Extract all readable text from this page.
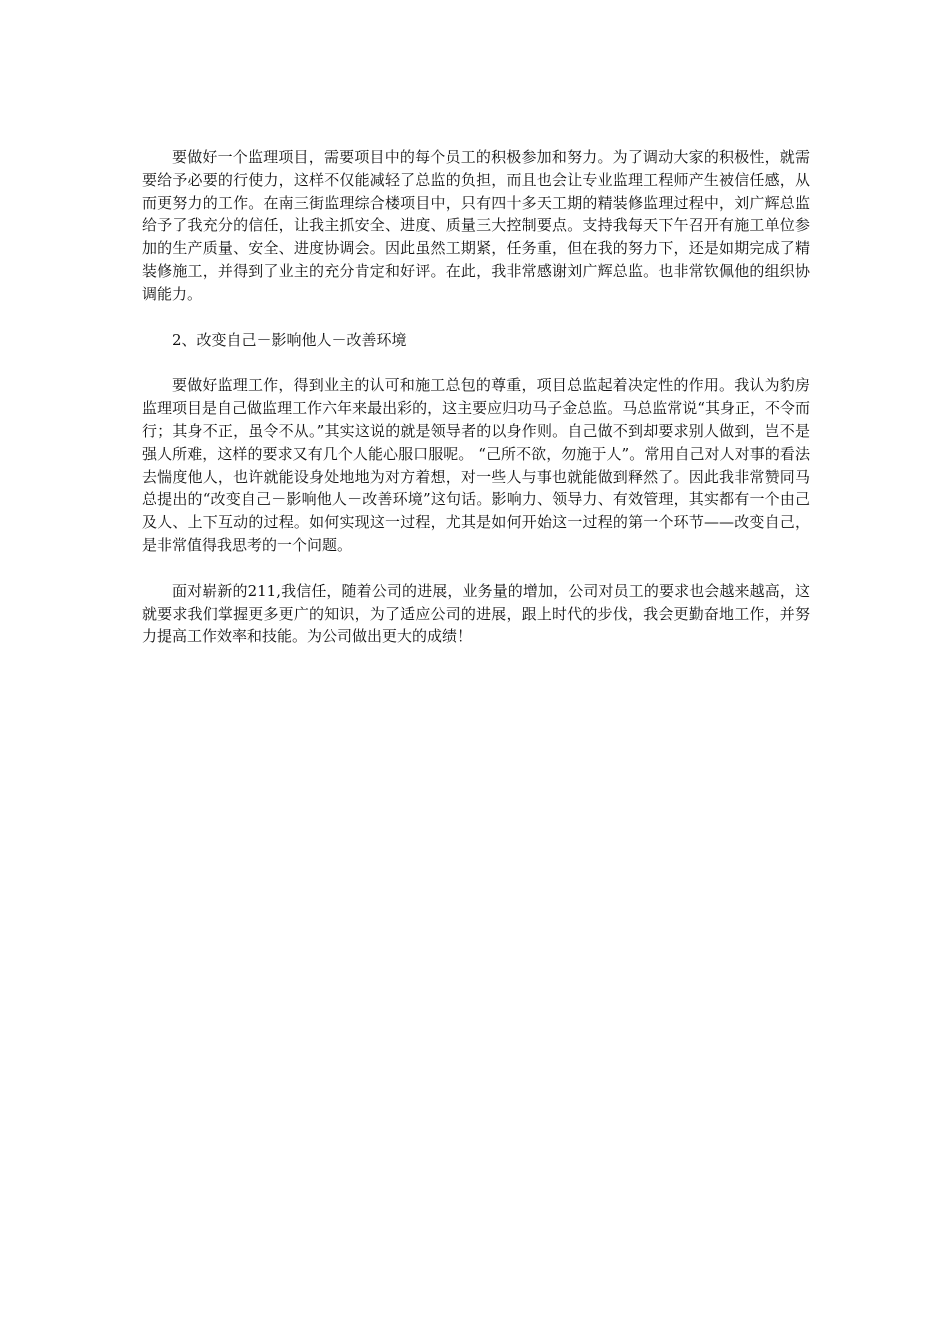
要做好一个监理项目，需要项目中的每个员工的积极参加和努力。为了调动大家的积极性，就需要给予必要的行使力，这样不仅能减轻了总监的负担，而且也会让专业监理工程师产生被信任感，从而更努力的工作。在南三街监理综合楼项目中，只有四十多天工期的精装修监理过程中，刘广辉总监给予了我充分的信任，让我主抓安全、进度、质量三大控制要点。支持我每天下午召开有施工单位参加的生产质量、安全、进度协调会。因此虽然工期紧，任务重，但在我的努力下，还是如期完成了精装修施工，并得到了业主的充分肯定和好评。在此，我非常感谢刘广辉总监。也非常钦佩他的组织协调能力。

2、改变自己－影响他人－改善环境

要做好监理工作，得到业主的认可和施工总包的尊重，项目总监起着决定性的作用。我认为豹房监理项目是自己做监理工作六年来最出彩的，这主要应归功马子金总监。马总监常说“其身正，不令而行；其身不正，虽令不从。”其实这说的就是领导者的以身作则。自己做不到却要求别人做到，岂不是强人所难，这样的要求又有几个人能心服口服呢。 “己所不欲，勿施于人”。常用自己对人对事的看法去惴度他人，也许就能设身处地地为对方着想，对一些人与事也就能做到释然了。因此我非常赞同马总提出的“改变自己－影响他人－改善环境”这句话。影响力、领导力、有效管理，其实都有一个由己及人、上下互动的过程。如何实现这一过程，尤其是如何开始这一过程的第一个环节——改变自己，是非常值得我思考的一个问题。

面对崭新的211,我信任，随着公司的进展，业务量的增加，公司对员工的要求也会越来越高，这就要求我们掌握更多更广的知识，为了适应公司的进展，跟上时代的步伐，我会更勤奋地工作，并努力提高工作效率和技能。为公司做出更大的成绩！
